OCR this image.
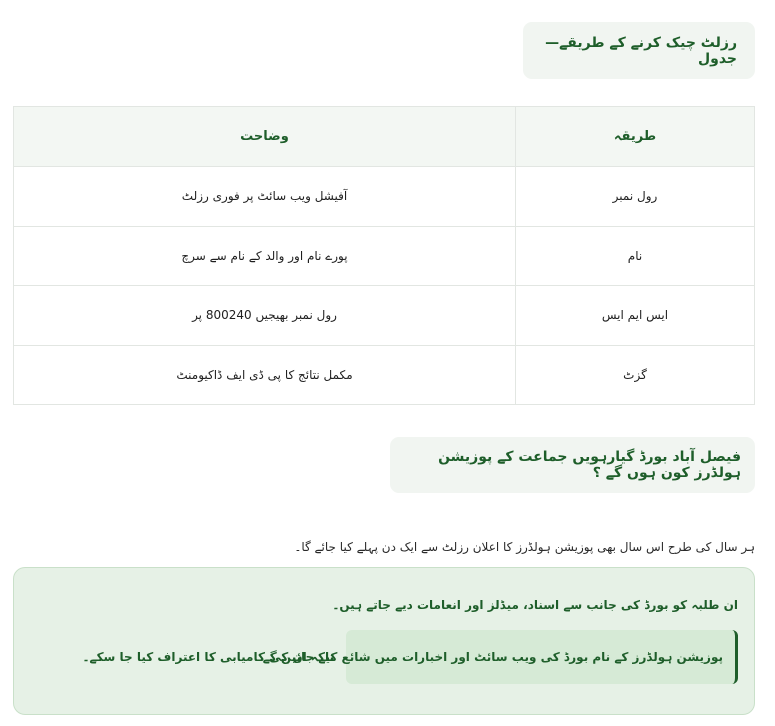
رزلٹ چیک کرنے کے طریقے—جدول
طریقہ	وضاحت
رول نمبر	آفیشل ویب سائٹ پر فوری رزلٹ
نام	پورے نام اور والد کے نام سے سرچ
ایس ایم ایس	رول نمبر بھیجیں 800240 پر
گزٹ	مکمل نتائج کا پی ڈی ایف ڈاکیومنٹ
فیصل آباد بورڈ گیارہویں جماعت کے پوزیشن ہولڈرز کون ہوں گے ؟

ہر سال کی طرح اس سال بھی پوزیشن ہولڈرز کا اعلان رزلٹ سے ایک دن پہلے کیا جائے گا۔

ان طلبہ کو بورڈ کی جانب سے اسناد، میڈلز اور انعامات دیے جاتے ہیں۔
پوزیشن ہولڈرز کے نام بورڈ کی ویب سائٹ اور اخبارات میں شائع کیے جائیں گے
تاکہ ان کی کامیابی کا اعتراف کیا جا سکے۔
